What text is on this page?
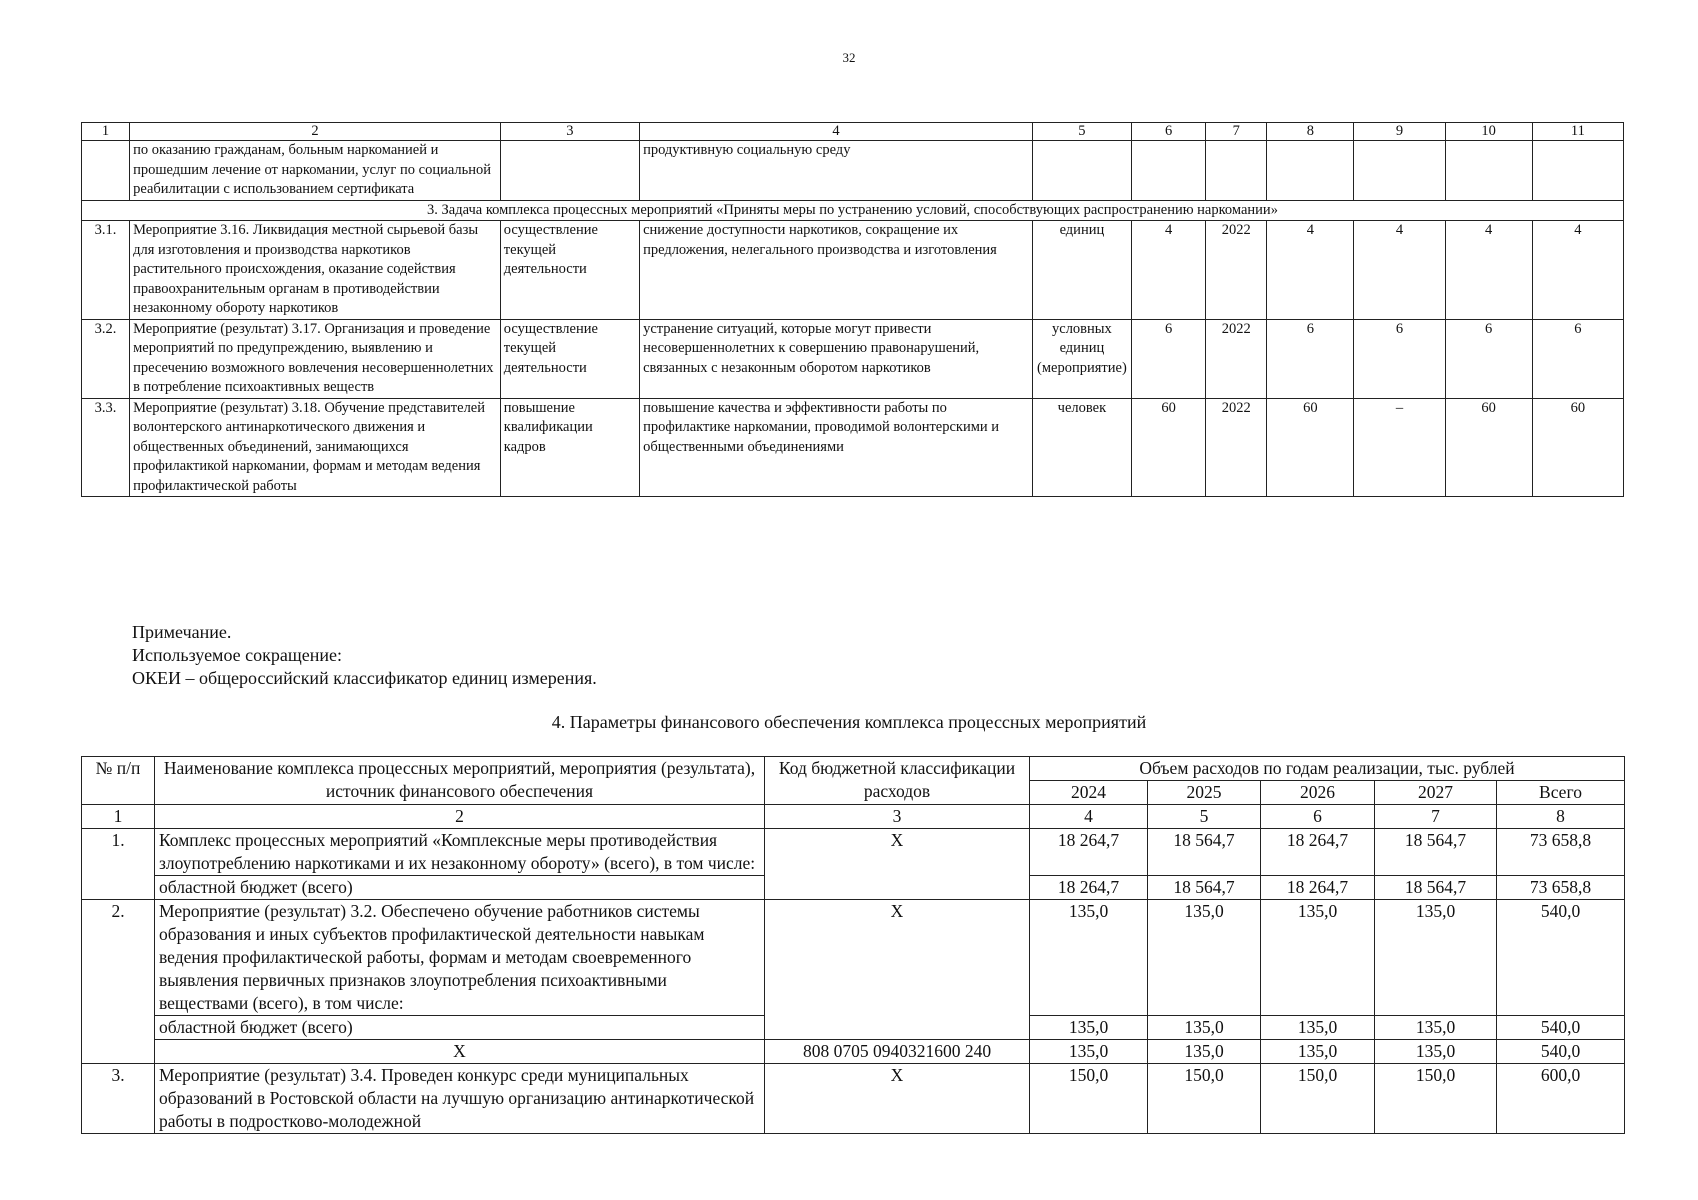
32
1	2	3	4	5	6	7	8	9	10	11
	по оказанию гражданам, больным наркоманией и прошедшим лечение от наркомании, услуг по социальной реабилитации с использованием сертификата		продуктивную социальную среду							
3. Задача комплекса процессных мероприятий «Приняты меры по устранению условий, способствующих распространению наркомании»										
3.1.	Мероприятие 3.16. Ликвидация местной сырьевой базы для изготовления и производства наркотиков растительного происхождения, оказание содействия правоохранительным органам в противодействии незаконному обороту наркотиков	осуществление текущей деятельности	снижение доступности наркотиков, сокращение их предложения, нелегального производства и изготовления	единиц	4	2022	4	4	4	4
3.2.	Мероприятие (результат) 3.17. Организация и проведение мероприятий по предупреждению, выявлению и пресечению возможного вовлечения несовершеннолетних в потребление психоактивных веществ	осуществление текущей деятельности	устранение ситуаций, которые могут привести несовершеннолетних к совершению правонарушений, связанных с незаконным оборотом наркотиков	условных единиц (мероприятие)	6	2022	6	6	6	6
3.3.	Мероприятие (результат) 3.18. Обучение представителей волонтерского антинаркотического движения и общественных объединений, занимающихся профилактикой наркомании, формам и методам ведения профилактической работы	повышение квалификации кадров	повышение качества и эффективности работы по профилактике наркомании, проводимой волонтерскими и общественными объединениями	человек	60	2022	60	–	60	60
Примечание.
Используемое сокращение:
ОКЕИ – общероссийский классификатор единиц измерения.
4. Параметры финансового обеспечения комплекса процессных мероприятий
№ п/п	Наименование комплекса процессных мероприятий, мероприятия (результата), источник финансового обеспечения	Код бюджетной классификации расходов	Объем расходов по годам реализации, тыс. рублей				
			2024	2025	2026	2027	Всего
1	2	3	4	5	6	7	8
1.	Комплекс процессных мероприятий «Комплексные меры противодействия злоупотреблению наркотиками и их незаконному обороту» (всего), в том числе:	Х	18 264,7	18 564,7	18 264,7	18 564,7	73 658,8
	областной бюджет (всего)		18 264,7	18 564,7	18 264,7	18 564,7	73 658,8
2.	Мероприятие (результат) 3.2. Обеспечено обучение работников системы образования и иных субъектов профилактической деятельности навыкам ведения профилактической работы, формам и методам своевременного выявления первичных признаков злоупотребления психоактивными веществами (всего), в том числе:	Х	135,0	135,0	135,0	135,0	540,0
	областной бюджет (всего)		135,0	135,0	135,0	135,0	540,0
	Х	808 0705 0940321600 240	135,0	135,0	135,0	135,0	540,0
3.	Мероприятие (результат) 3.4. Проведен конкурс среди муниципальных образований в Ростовской области на лучшую организацию антинаркотической работы в подростково-молодежной	Х	150,0	150,0	150,0	150,0	600,0
